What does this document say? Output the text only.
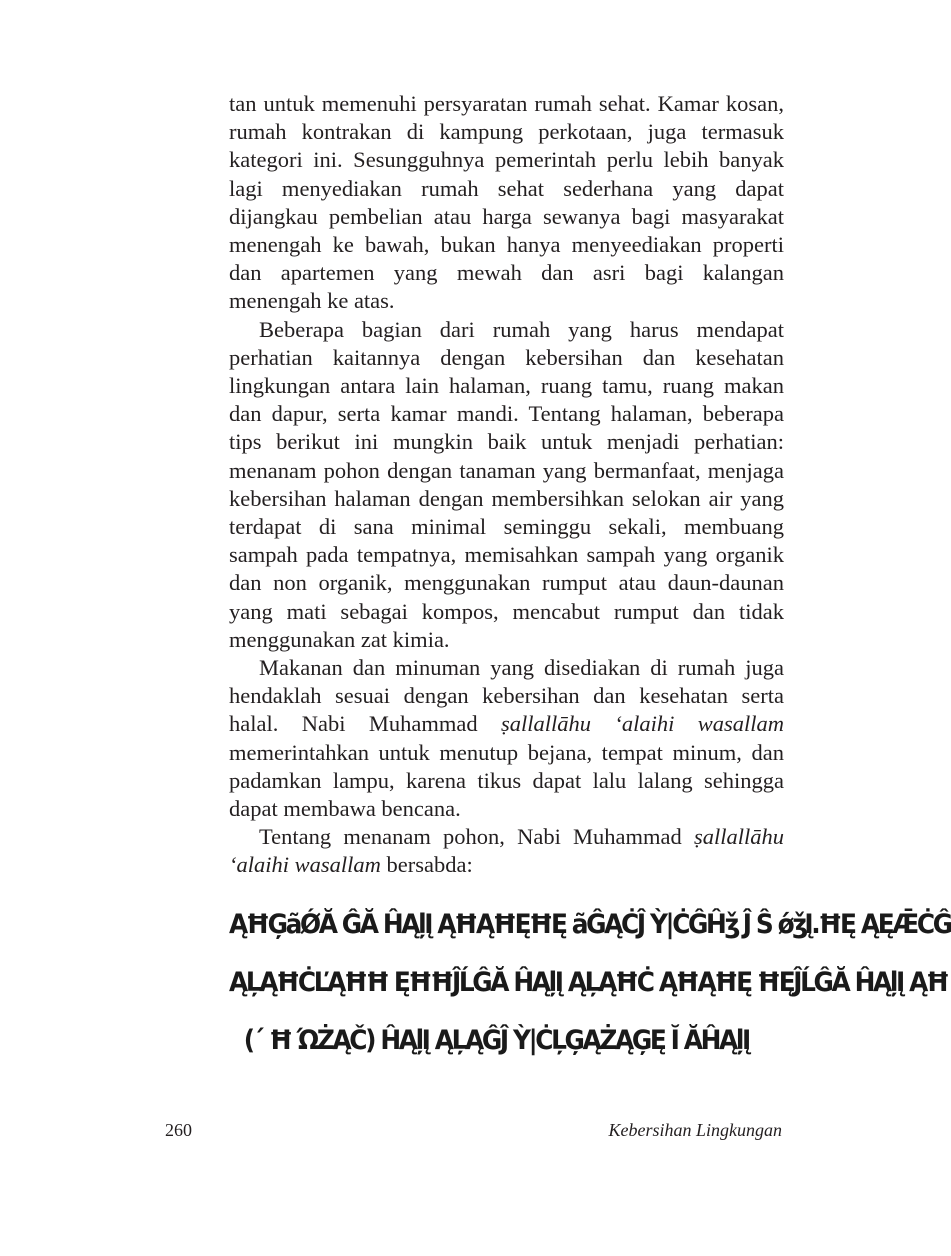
tan untuk memenuhi persyaratan rumah sehat. Kamar kosan, rumah kontrakan di kampung perkotaan, juga termasuk kategori ini. Sesungguhnya pemerintah perlu lebih banyak lagi menyediakan rumah sehat sederhana yang dapat dijangkau pembelian atau harga sewanya bagi masyarakat menengah ke bawah, bukan hanya menyeediakan properti dan apartemen yang mewah dan asri bagi kalangan menengah ke atas.

Beberapa bagian dari rumah yang harus mendapat perhatian kaitannya dengan kebersihan dan kesehatan lingkungan antara lain halaman, ruang tamu, ruang makan dan dapur, serta kamar mandi. Tentang halaman, beberapa tips berikut ini mungkin baik untuk menjadi perhatian: menanam pohon dengan tanaman yang bermanfaat, menjaga kebersihan halaman dengan membersihkan selokan air yang terdapat di sana minimal seminggu sekali, membuang sampah pada tempatnya, memisahkan sampah yang organik dan non organik, menggunakan rumput atau daun-daunan yang mati sebagai kompos, mencabut rumput dan tidak menggunakan zat kimia.

Makanan dan minuman yang disediakan di rumah juga hendaklah sesuai dengan kebersihan dan kesehatan serta halal. Nabi Muhammad ṣallallāhu ‘alaihi wasallam memerintahkan untuk menutup bejana, tempat minum, dan padamkan lampu, karena tikus dapat lalu lalang sehingga dapat membawa bencana.

Tentang menanam pohon, Nabi Muhammad ṣallallāhu ‘alaihi wasallam bersabda:

ĄĦĢãǾĂ ĜĂ ĤĄļĮ ĄĦĄĦĘĦĘ ãĜĄĊĴ Ỳ|ĊĜĤǯ Ĵ Ŝ ǿǯĮ.ĦĘ ĄĘǢĊĜ
ĄĻĄĦĊĽĄĦĦ ĘĦĦĴĹĜĂ ĤĄļĮ ĄĻĄĦĊ ĄĦĄĦĘ ĦĘĴĹĜĂ ĤĄļĮ ĄĦ
(ˊ Ħ ΏŻĄČ) ĤĄļĮ ĄĻĄĜĴ Ỳ|ĊĻĢĄŻĄĢĘ Ĭ ĂĤĄļĮ
260	Kebersihan Lingkungan
